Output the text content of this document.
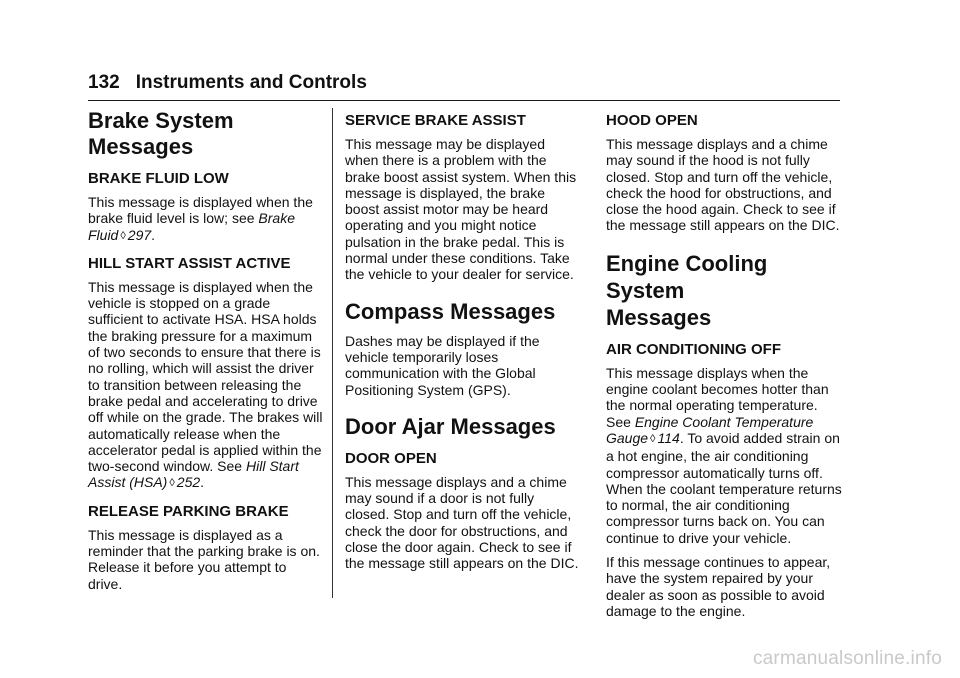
132 Instruments and Controls
Brake System Messages
BRAKE FLUID LOW

This message is displayed when the brake fluid level is low; see Brake Fluid ◊ 297.

HILL START ASSIST ACTIVE

This message is displayed when the vehicle is stopped on a grade sufficient to activate HSA. HSA holds the braking pressure for a maximum of two seconds to ensure that there is no rolling, which will assist the driver to transition between releasing the brake pedal and accelerating to drive off while on the grade. The brakes will automatically release when the accelerator pedal is applied within the two-second window. See Hill Start Assist (HSA) ◊ 252.

RELEASE PARKING BRAKE

This message is displayed as a reminder that the parking brake is on. Release it before you attempt to drive.

SERVICE BRAKE ASSIST

This message may be displayed when there is a problem with the brake boost assist system. When this message is displayed, the brake boost assist motor may be heard operating and you might notice pulsation in the brake pedal. This is normal under these conditions. Take the vehicle to your dealer for service.

Compass Messages

Dashes may be displayed if the vehicle temporarily loses communication with the Global Positioning System (GPS).

Door Ajar Messages
DOOR OPEN

This message displays and a chime may sound if a door is not fully closed. Stop and turn off the vehicle, check the door for obstructions, and close the door again. Check to see if the message still appears on the DIC.

HOOD OPEN

This message displays and a chime may sound if the hood is not fully closed. Stop and turn off the vehicle, check the hood for obstructions, and close the hood again. Check to see if the message still appears on the DIC.

Engine Cooling System
Messages
AIR CONDITIONING OFF

This message displays when the engine coolant becomes hotter than the normal operating temperature. See Engine Coolant Temperature Gauge ◊ 114. To avoid added strain on a hot engine, the air conditioning compressor automatically turns off. When the coolant temperature returns to normal, the air conditioning compressor turns back on. You can continue to drive your vehicle.

If this message continues to appear, have the system repaired by your dealer as soon as possible to avoid damage to the engine.

carmanualsonline.info
